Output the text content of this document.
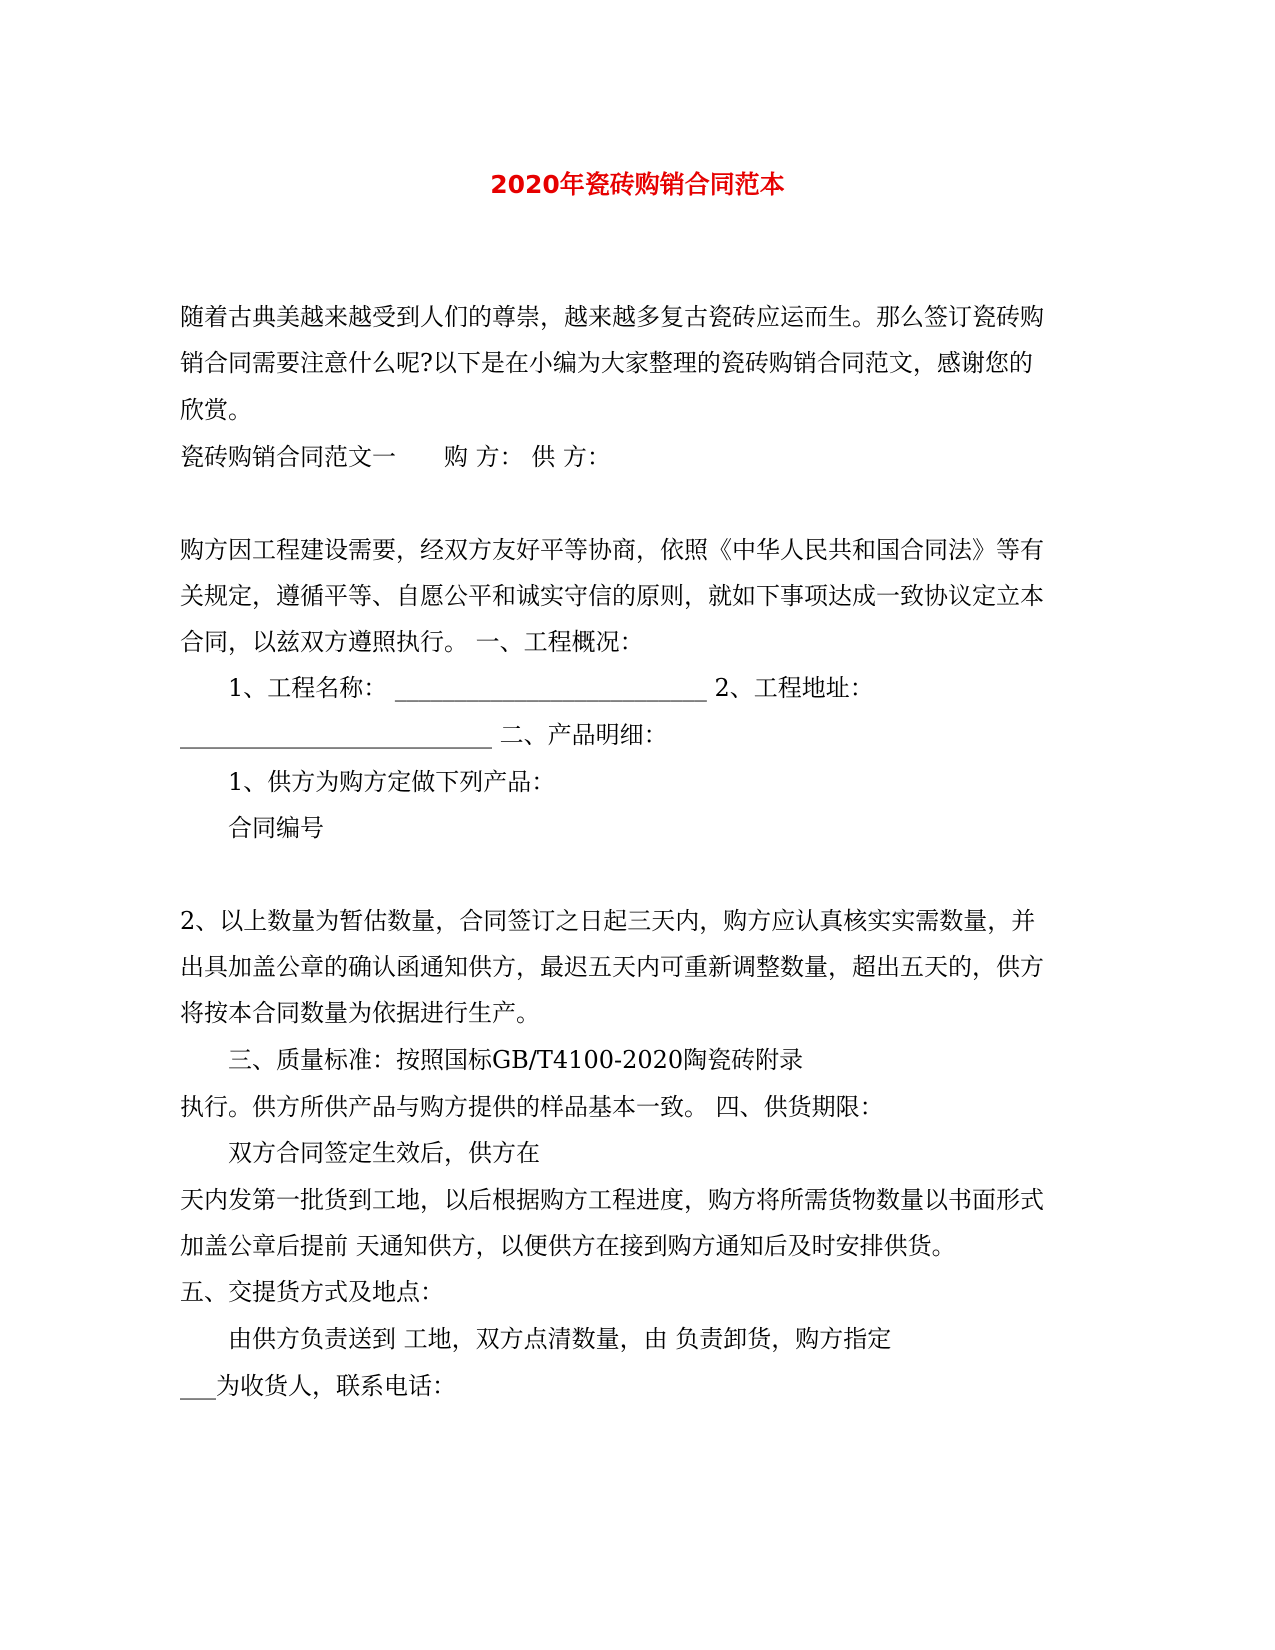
2020年瓷砖购销合同范本
随着古典美越来越受到人们的尊崇，越来越多复古瓷砖应运而生。那么签订瓷砖购
销合同需要注意什么呢?以下是在小编为大家整理的瓷砖购销合同范文，感谢您的
欣赏。
瓷砖购销合同范文一　　购 方： 供 方：
购方因工程建设需要，经双方友好平等协商，依照《中华人民共和国合同法》等有
关规定，遵循平等、自愿公平和诚实守信的原则，就如下事项达成一致协议定立本
合同，以兹双方遵照执行。 一、工程概况：
1、工程名称： __________________________ 2、工程地址：
__________________________ 二、产品明细：
1、供方为购方定做下列产品：
合同编号
2、以上数量为暂估数量，合同签订之日起三天内，购方应认真核实实需数量，并
出具加盖公章的确认函通知供方，最迟五天内可重新调整数量，超出五天的，供方
将按本合同数量为依据进行生产。
三、质量标准：按照国标GB/T4100-2020陶瓷砖附录
执行。供方所供产品与购方提供的样品基本一致。 四、供货期限：
双方合同签定生效后，供方在
天内发第一批货到工地，以后根据购方工程进度，购方将所需货物数量以书面形式
加盖公章后提前 天通知供方，以便供方在接到购方通知后及时安排供货。
五、交提货方式及地点：
由供方负责送到 工地，双方点清数量，由 负责卸货，购方指定
___为收货人，联系电话：
